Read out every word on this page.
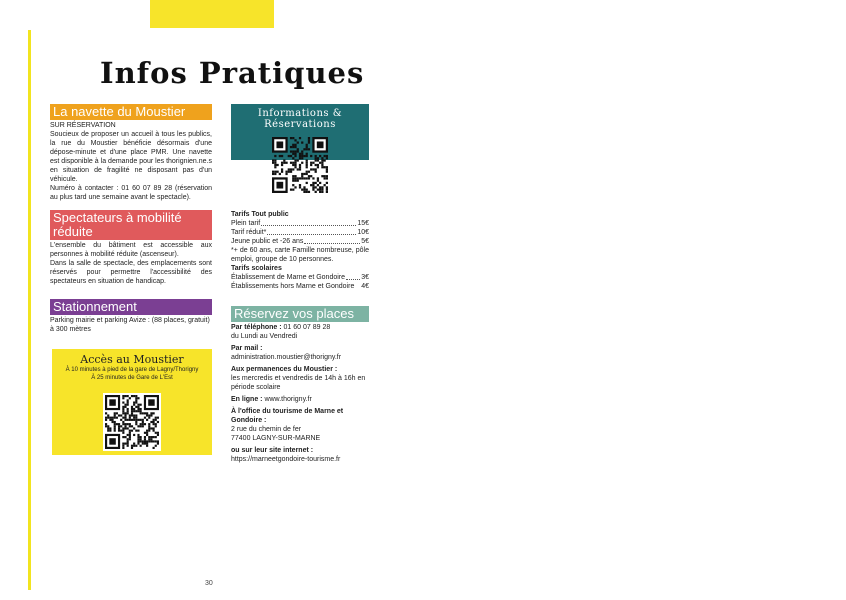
Infos Pratiques
La navette du Moustier
SUR RÉSERVATION

Soucieux de proposer un accueil à tous les publics, la rue du Moustier bénéficie désormais d'une dépose-minute et d'une place PMR. Une navette est disponible à la demande pour les thorignien.ne.s en situation de fragilité ne disposant pas d'un véhicule.

Numéro à contacter : 01 60 07 89 28 (réservation au plus tard une semaine avant le spectacle).

Spectateurs à mobilité réduite

L'ensemble du bâtiment est accessible aux personnes à mobilité réduite (ascenseur).

Dans la salle de spectacle, des emplacements sont réservés pour permettre l'accessibilité des spectateurs en situation de handicap.

Stationnement

Parking mairie et parking Avize : (88 places, gratuit) à 300 mètres

Accès au Moustier
À 10 minutes à pied de la gare de Lagny/Thorigny
À 25 minutes de Gare de L'Est
Informations & Réservations
Tarifs Tout public
Plein tarif	15€
Tarif réduit*	10€
Jeune public et -26 ans	5€

*+ de 60 ans, carte Famille nombreuse, pôle emploi, groupe de 10 personnes.

Tarifs scolaires
Établissement de Marne et Gondoire 3€
Établissements hors Marne et Gondoire 4€
Réservez vos places
Par téléphone : 01 60 07 89 28
du Lundi au Vendredi
Par mail :
administration.moustier@thorigny.fr
Aux permanences du Moustier :
les mercredis et vendredis de 14h à 16h en période scolaire
En ligne : www.thorigny.fr
À l'office du tourisme de Marne et Gondoire :
2 rue du chemin de fer
77400 LAGNY-SUR-MARNE
ou sur leur site internet :
https://marneetgondoire-tourisme.fr
30
